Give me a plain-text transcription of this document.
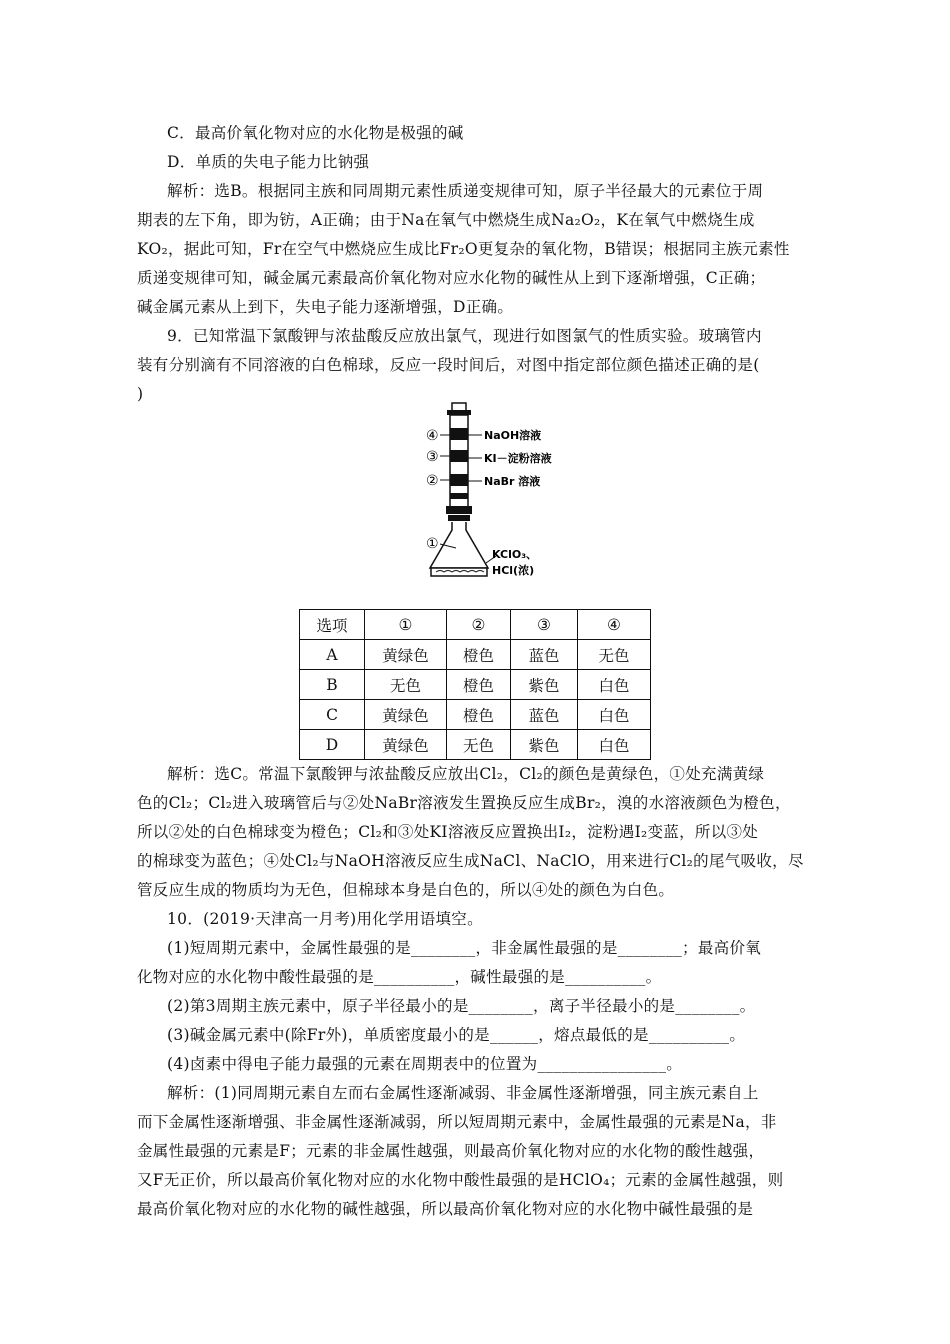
C．最高价氧化物对应的水化物是极强的碱
D．单质的失电子能力比钠强
解析：选B。根据同主族和同周期元素性质递变规律可知，原子半径最大的元素位于周
期表的左下角，即为钫，A正确；由于Na在氧气中燃烧生成Na₂O₂，K在氧气中燃烧生成
KO₂，据此可知，Fr在空气中燃烧应生成比Fr₂O更复杂的氧化物，B错误；根据同主族元素性
质递变规律可知，碱金属元素最高价氧化物对应水化物的碱性从上到下逐渐增强，C正确；
碱金属元素从上到下，失电子能力逐渐增强，D正确。
9．已知常温下氯酸钾与浓盐酸反应放出氯气，现进行如图氯气的性质实验。玻璃管内
装有分别滴有不同溶液的白色棉球，反应一段时间后，对图中指定部位颜色描述正确的是(
)
④
③
②
①
NaOH溶液
KI－淀粉溶液
NaBr 溶液
KClO₃、
HCl(浓)
选项	①	②	③	④
A	黄绿色	橙色	蓝色	无色
B	无色	橙色	紫色	白色
C	黄绿色	橙色	蓝色	白色
D	黄绿色	无色	紫色	白色
解析：选C。常温下氯酸钾与浓盐酸反应放出Cl₂，Cl₂的颜色是黄绿色，①处充满黄绿
色的Cl₂；Cl₂进入玻璃管后与②处NaBr溶液发生置换反应生成Br₂，溴的水溶液颜色为橙色，
所以②处的白色棉球变为橙色；Cl₂和③处KI溶液反应置换出I₂，淀粉遇I₂变蓝，所以③处
的棉球变为蓝色；④处Cl₂与NaOH溶液反应生成NaCl、NaClO，用来进行Cl₂的尾气吸收，尽
管反应生成的物质均为无色，但棉球本身是白色的，所以④处的颜色为白色。
10．(2019·天津高一月考)用化学用语填空。
(1)短周期元素中，金属性最强的是________，非金属性最强的是________；最高价氧
化物对应的水化物中酸性最强的是__________，碱性最强的是__________。
(2)第3周期主族元素中，原子半径最小的是________，离子半径最小的是________。
(3)碱金属元素中(除Fr外)，单质密度最小的是______，熔点最低的是__________。
(4)卤素中得电子能力最强的元素在周期表中的位置为________________。
解析：(1)同周期元素自左而右金属性逐渐减弱、非金属性逐渐增强，同主族元素自上
而下金属性逐渐增强、非金属性逐渐减弱，所以短周期元素中，金属性最强的元素是Na，非
金属性最强的元素是F；元素的非金属性越强，则最高价氧化物对应的水化物的酸性越强，
又F无正价，所以最高价氧化物对应的水化物中酸性最强的是HClO₄；元素的金属性越强，则
最高价氧化物对应的水化物的碱性越强，所以最高价氧化物对应的水化物中碱性最强的是
